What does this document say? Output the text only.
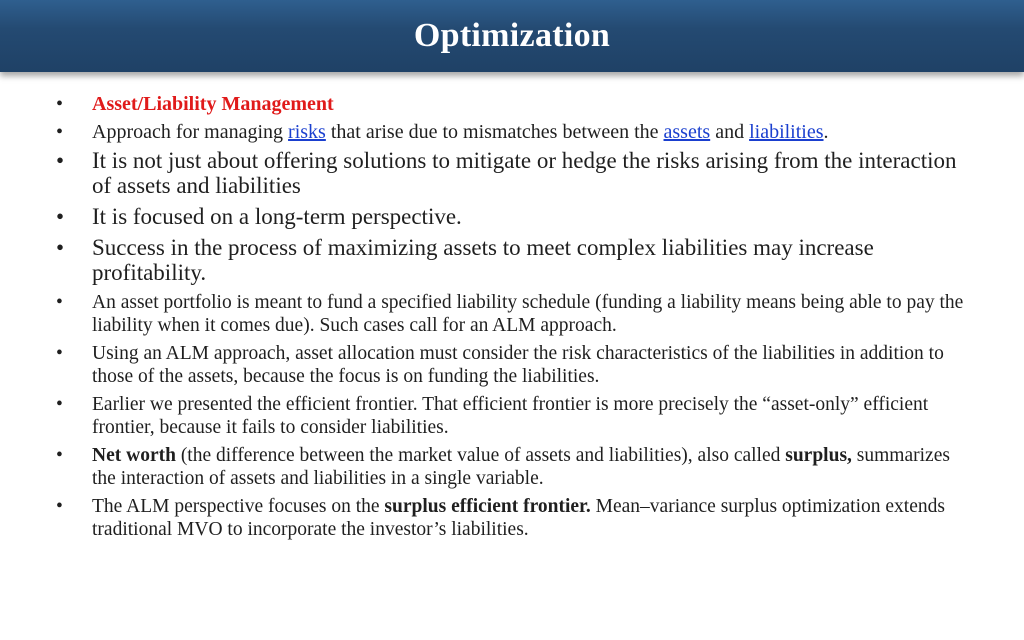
Optimization
• Asset/Liability Management
• Approach for managing risks that arise due to mismatches between the assets and liabilities.
• It is not just about offering solutions to mitigate or hedge the risks arising from the interaction of assets and liabilities
• It is focused on a long-term perspective.
• Success in the process of maximizing assets to meet complex liabilities may increase profitability.
• An asset portfolio is meant to fund a specified liability schedule (funding a liability means being able to pay the liability when it comes due). Such cases call for an ALM approach.
• Using an ALM approach, asset allocation must consider the risk characteristics of the liabilities in addition to those of the assets, because the focus is on funding the liabilities.
• Earlier we presented the efficient frontier. That efficient frontier is more precisely the “asset-only” efficient frontier, because it fails to consider liabilities.
• Net worth (the difference between the market value of assets and liabilities), also called surplus, summarizes the interaction of assets and liabilities in a single variable.
• The ALM perspective focuses on the surplus efficient frontier. Mean–variance surplus optimization extends traditional MVO to incorporate the investor’s liabilities.
